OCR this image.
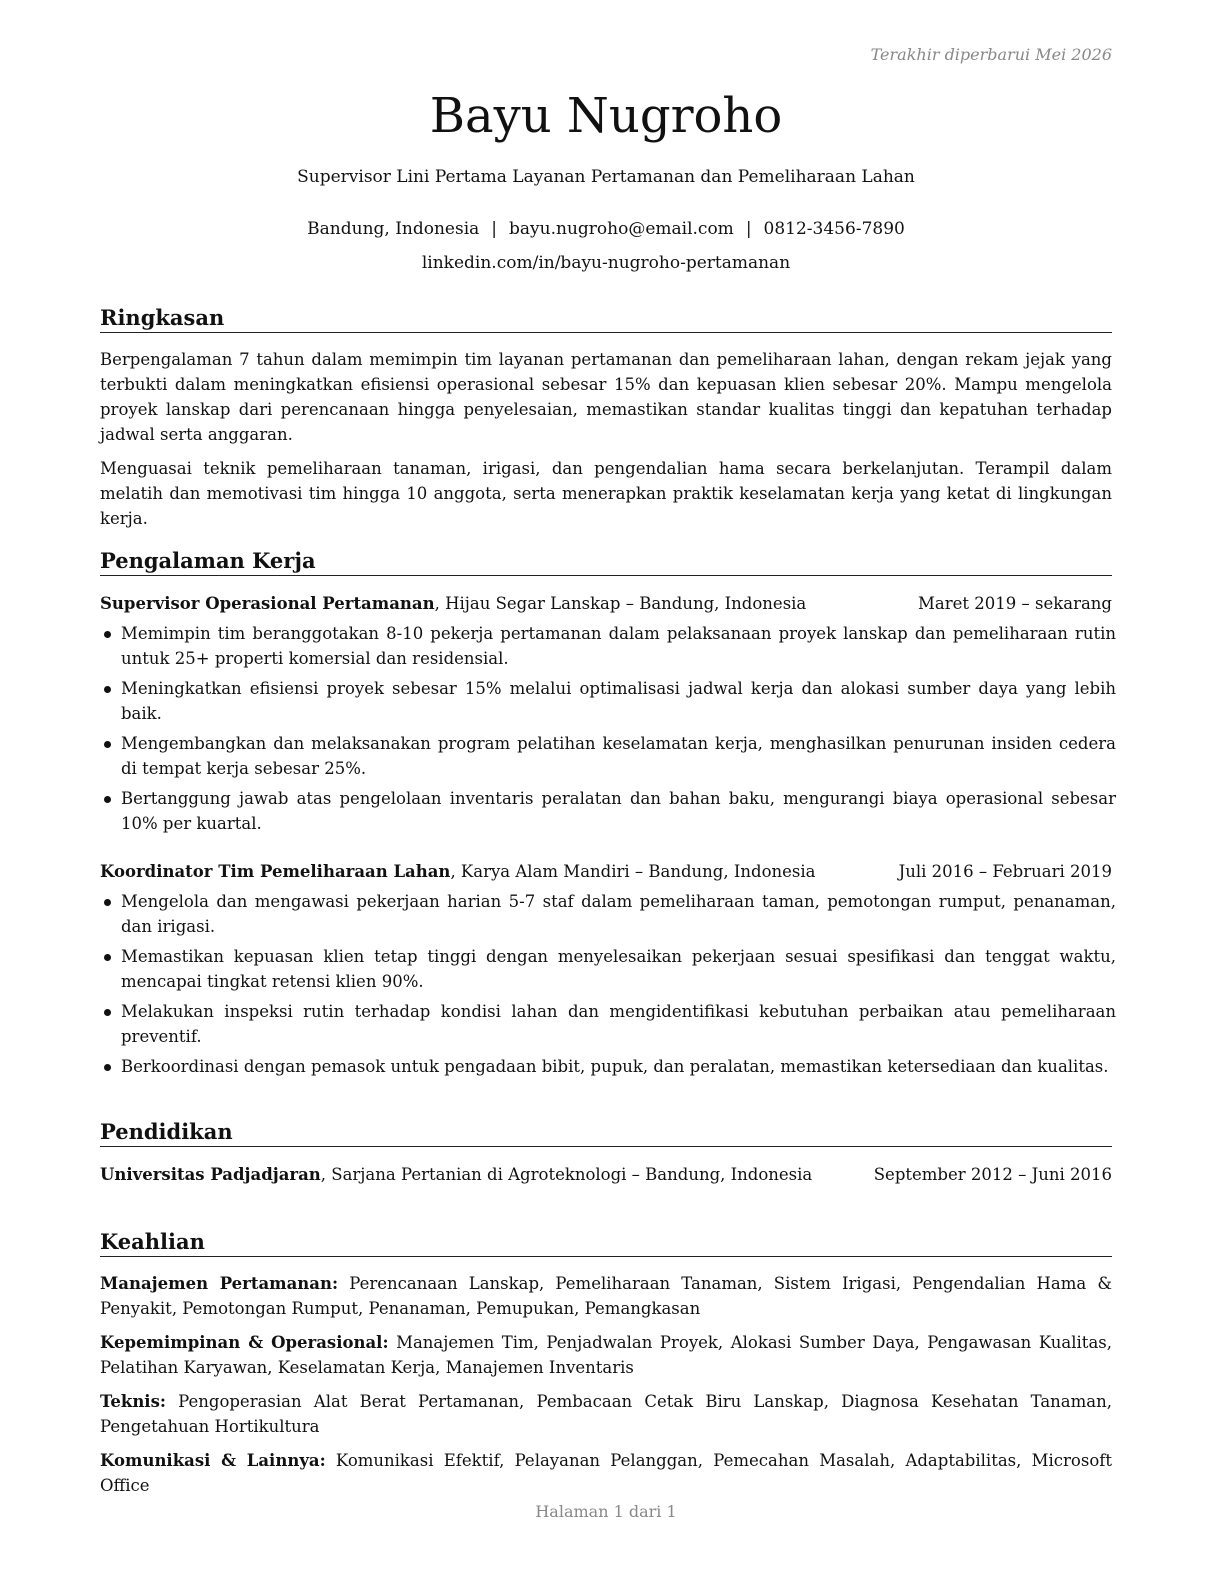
Terakhir diperbarui Mei 2026
Bayu Nugroho
Supervisor Lini Pertama Layanan Pertamanan dan Pemeliharaan Lahan
Bandung, Indonesia | bayu.nugroho@email.com | 0812-3456-7890
linkedin.com/in/bayu-nugroho-pertamanan
Ringkasan
Berpengalaman 7 tahun dalam memimpin tim layanan pertamanan dan pemeliharaan lahan, dengan rekam jejak yang terbukti dalam meningkatkan efisiensi operasional sebesar 15% dan kepuasan klien sebesar 20%. Mampu mengelola proyek lanskap dari perencanaan hingga penyelesaian, memastikan standar kualitas tinggi dan kepatuhan terhadap jadwal serta anggaran.
Menguasai teknik pemeliharaan tanaman, irigasi, dan pengendalian hama secara berkelanjutan. Terampil dalam melatih dan memotivasi tim hingga 10 anggota, serta menerapkan praktik keselamatan kerja yang ketat di lingkungan kerja.
Pengalaman Kerja
Supervisor Operasional Pertamanan, Hijau Segar Lanskap – Bandung, Indonesia	Maret 2019 – sekarang
Memimpin tim beranggotakan 8-10 pekerja pertamanan dalam pelaksanaan proyek lanskap dan pemeliharaan rutin untuk 25+ properti komersial dan residensial.
Meningkatkan efisiensi proyek sebesar 15% melalui optimalisasi jadwal kerja dan alokasi sumber daya yang lebih baik.
Mengembangkan dan melaksanakan program pelatihan keselamatan kerja, menghasilkan penurunan insiden cedera di tempat kerja sebesar 25%.
Bertanggung jawab atas pengelolaan inventaris peralatan dan bahan baku, mengurangi biaya operasional sebesar 10% per kuartal.
Koordinator Tim Pemeliharaan Lahan, Karya Alam Mandiri – Bandung, Indonesia	Juli 2016 – Februari 2019
Mengelola dan mengawasi pekerjaan harian 5-7 staf dalam pemeliharaan taman, pemotongan rumput, penanaman, dan irigasi.
Memastikan kepuasan klien tetap tinggi dengan menyelesaikan pekerjaan sesuai spesifikasi dan tenggat waktu, mencapai tingkat retensi klien 90%.
Melakukan inspeksi rutin terhadap kondisi lahan dan mengidentifikasi kebutuhan perbaikan atau pemeliharaan preventif.
Berkoordinasi dengan pemasok untuk pengadaan bibit, pupuk, dan peralatan, memastikan ketersediaan dan kualitas.
Pendidikan
Universitas Padjadjaran, Sarjana Pertanian di Agroteknologi – Bandung, Indonesia	September 2012 – Juni 2016
Keahlian
Manajemen Pertamanan: Perencanaan Lanskap, Pemeliharaan Tanaman, Sistem Irigasi, Pengendalian Hama & Penyakit, Pemotongan Rumput, Penanaman, Pemupukan, Pemangkasan
Kepemimpinan & Operasional: Manajemen Tim, Penjadwalan Proyek, Alokasi Sumber Daya, Pengawasan Kualitas, Pelatihan Karyawan, Keselamatan Kerja, Manajemen Inventaris
Teknis: Pengoperasian Alat Berat Pertamanan, Pembacaan Cetak Biru Lanskap, Diagnosa Kesehatan Tanaman, Pengetahuan Hortikultura
Komunikasi & Lainnya: Komunikasi Efektif, Pelayanan Pelanggan, Pemecahan Masalah, Adaptabilitas, Microsoft Office
Halaman 1 dari 1
